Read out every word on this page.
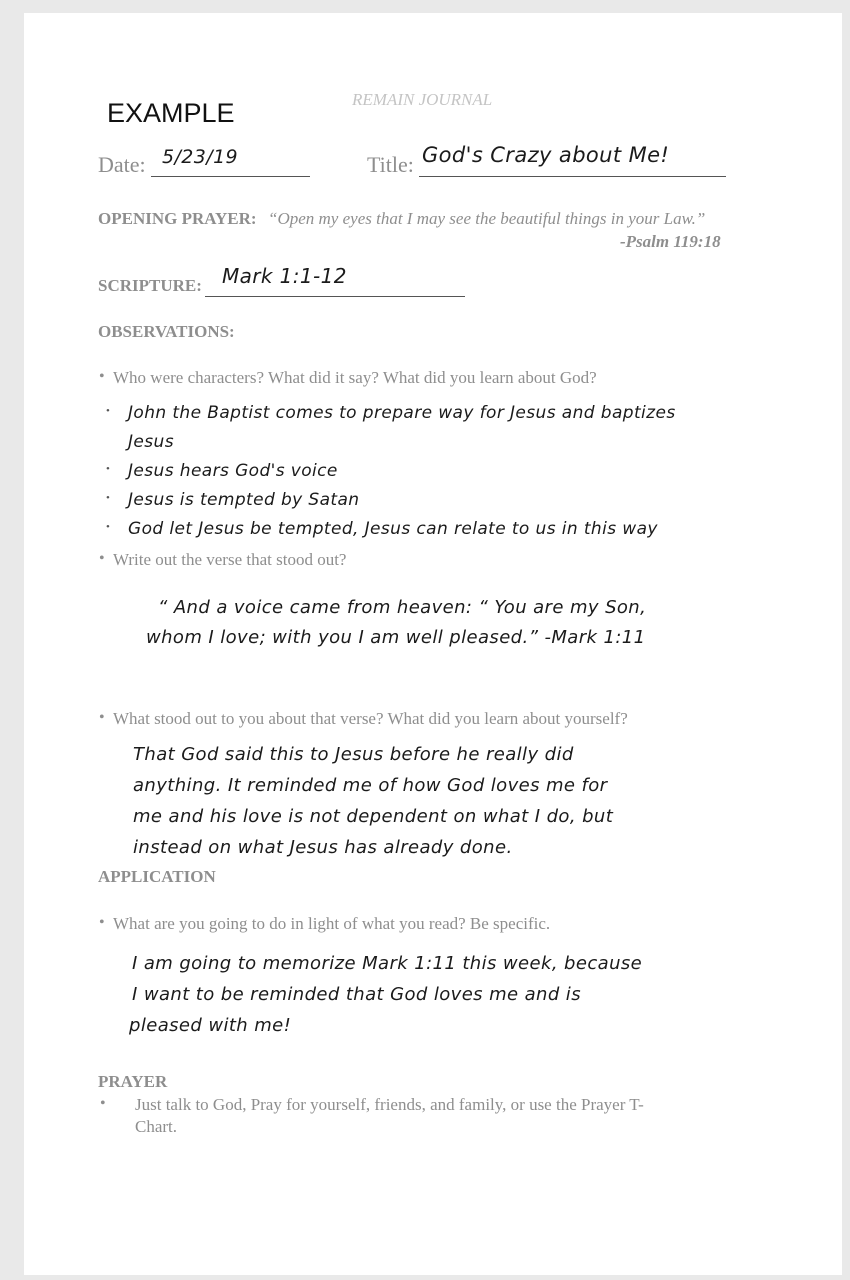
REMAIN JOURNAL
EXAMPLE
Date: 5/23/19	Title: God's Crazy about Me!
OPENING PRAYER: “Open my eyes that I may see the beautiful things in your Law.”
-Psalm 119:18
SCRIPTURE: Mark 1:1-12
OBSERVATIONS:
• Who were characters? What did it say? What did you learn about God?
• John the Baptist comes to prepare way for Jesus and baptizes
Jesus
• Jesus hears God's voice
• Jesus is tempted by Satan
• God let Jesus be tempted, Jesus can relate to us in this way
• Write out the verse that stood out?
“ And a voice came from heaven: “ You are my Son,
whom I love; with you I am well pleased.” -Mark 1:11
• What stood out to you about that verse? What did you learn about yourself?
That God said this to Jesus before he really did
anything. It reminded me of how God loves me for
me and his love is not dependent on what I do, but
instead on what Jesus has already done.
APPLICATION
• What are you going to do in light of what you read? Be specific.
I am going to memorize Mark 1:11 this week, because
I want to be reminded that God loves me and is
pleased with me!
PRAYER
• Just talk to God, Pray for yourself, friends, and family, or use the Prayer T-
Chart.
